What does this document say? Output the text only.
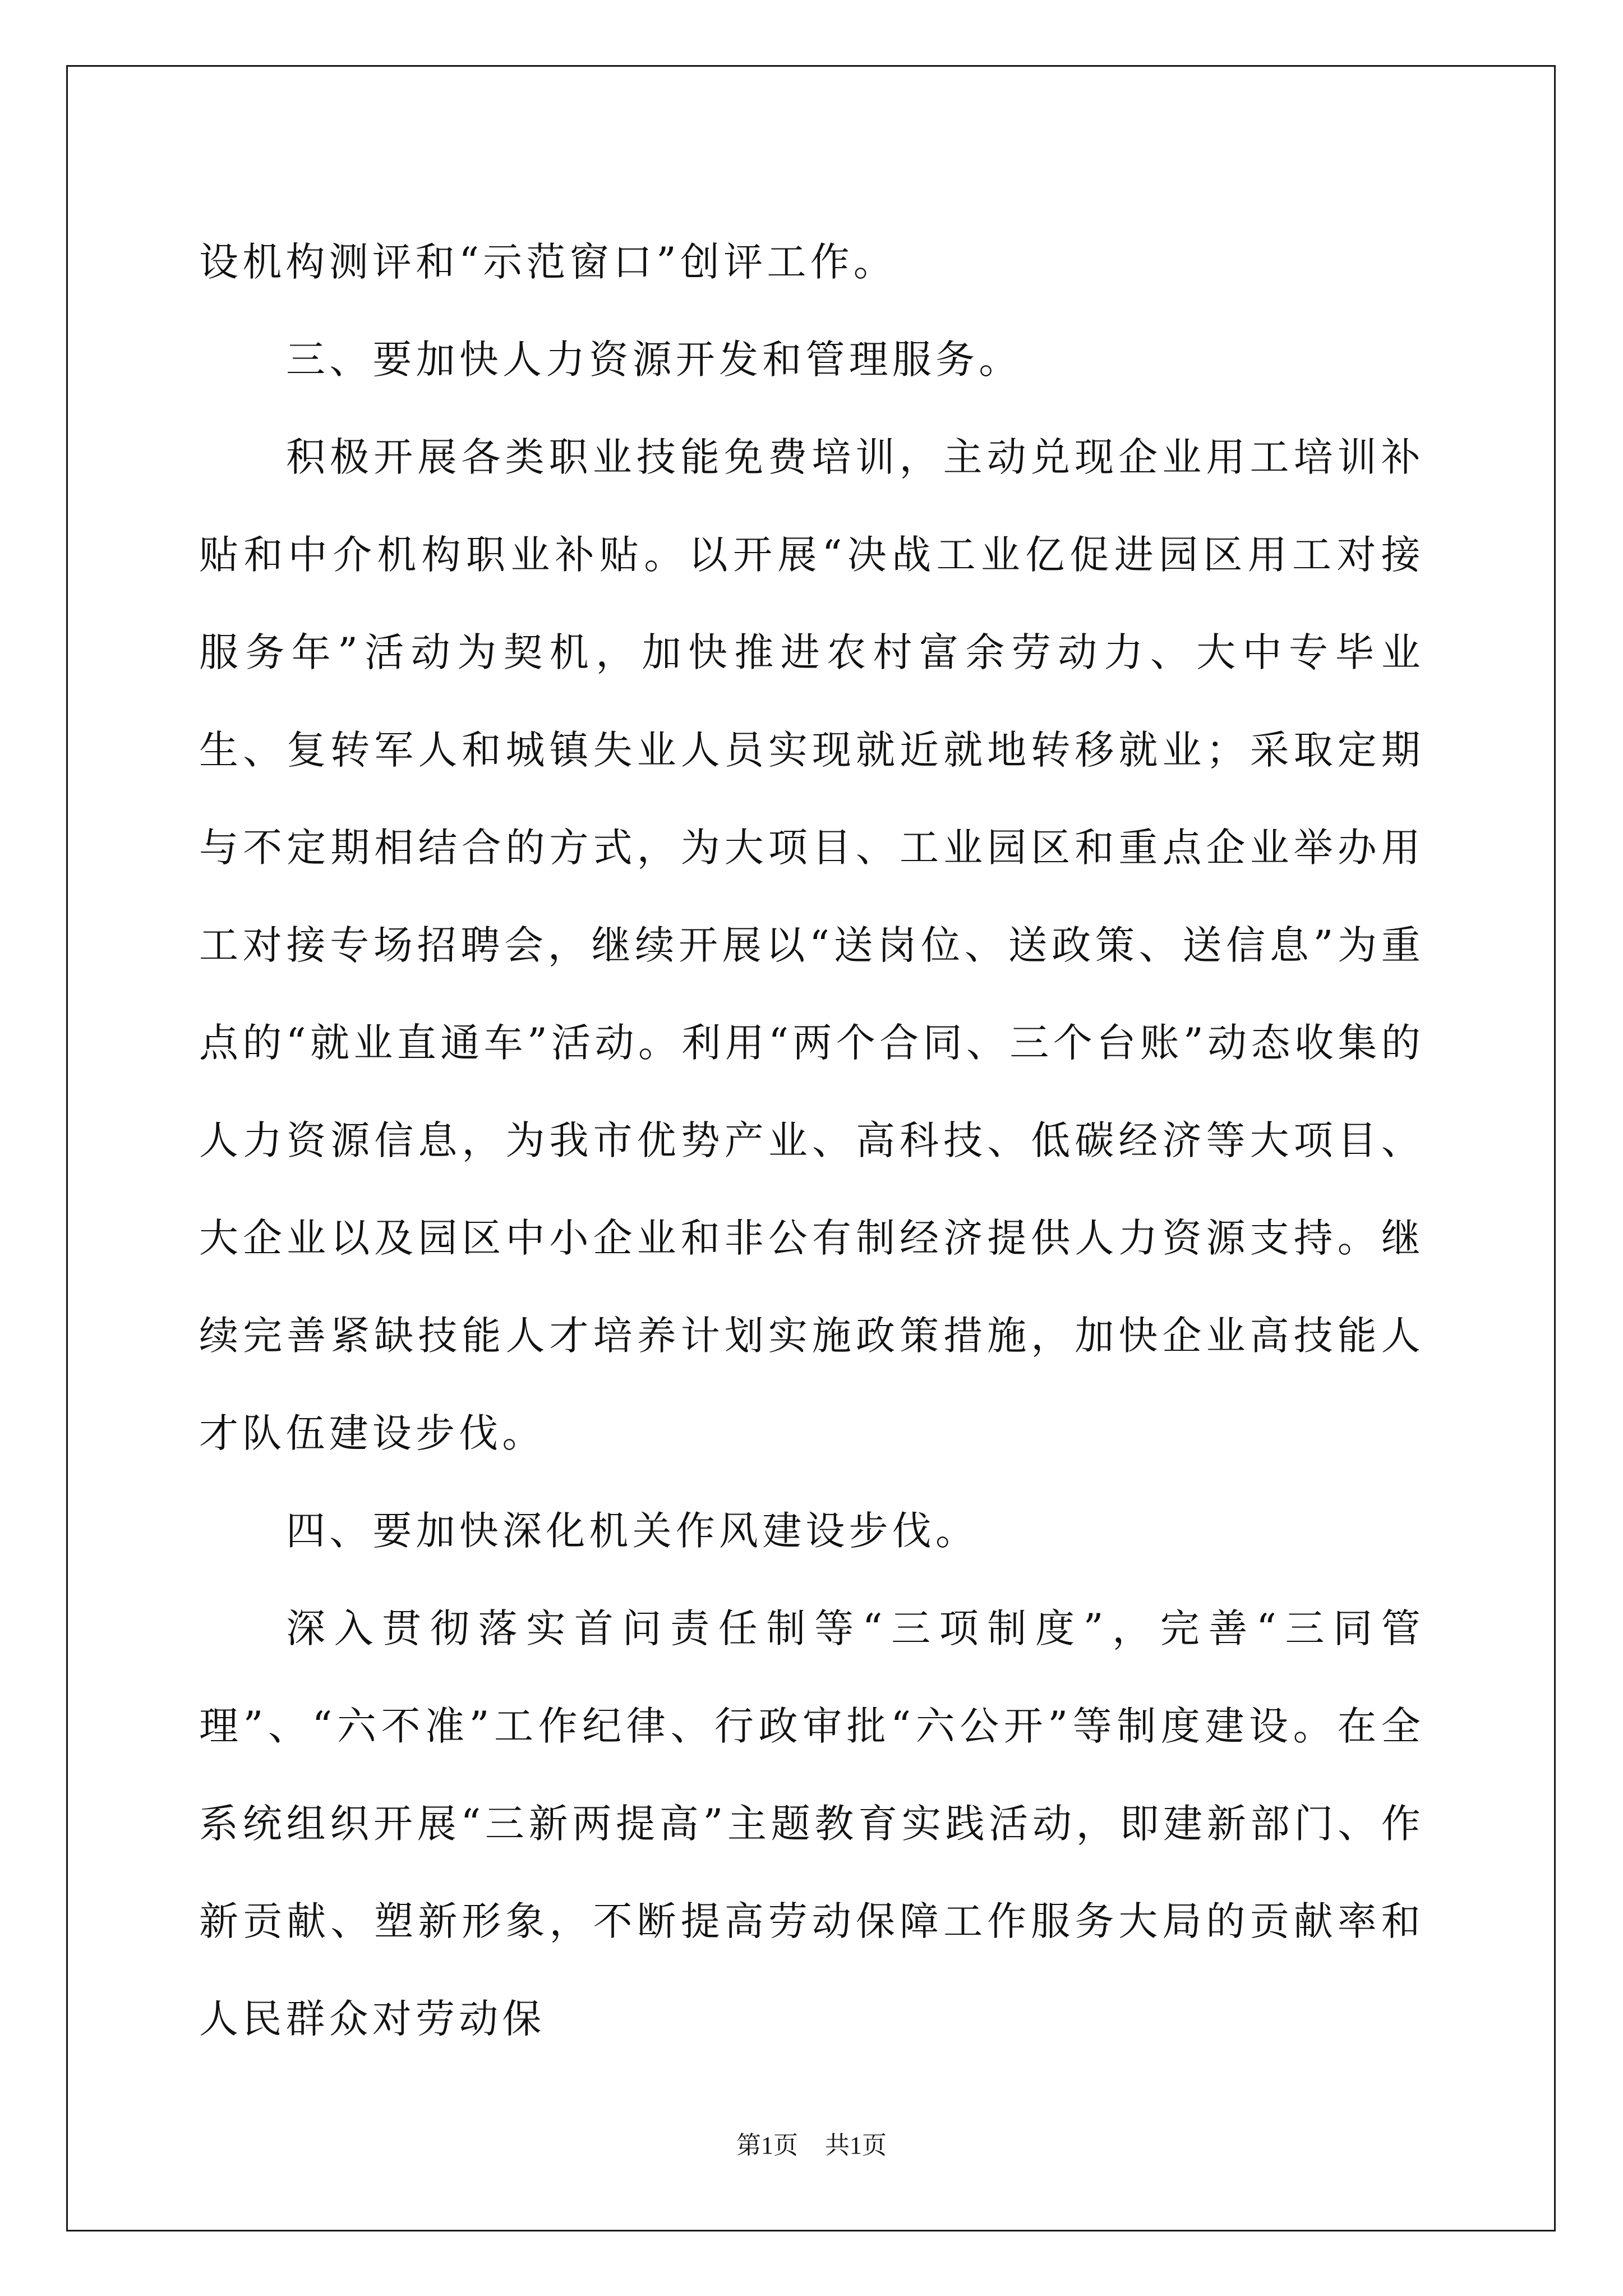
设机构测评和“示范窗口”创评工作。

三、要加快人力资源开发和管理服务。

积极开展各类职业技能免费培训，主动兑现企业用工培训补贴和中介机构职业补贴。以开展“决战工业亿促进园区用工对接服务年”活动为契机，加快推进农村富余劳动力、大中专毕业生、复转军人和城镇失业人员实现就近就地转移就业；采取定期与不定期相结合的方式，为大项目、工业园区和重点企业举办用工对接专场招聘会，继续开展以“送岗位、送政策、送信息”为重点的“就业直通车”活动。利用“两个合同、三个台账”动态收集的人力资源信息，为我市优势产业、高科技、低碳经济等大项目、大企业以及园区中小企业和非公有制经济提供人力资源支持。继续完善紧缺技能人才培养计划实施政策措施，加快企业高技能人才队伍建设步伐。

四、要加快深化机关作风建设步伐。

深入贯彻落实首问责任制等“三项制度”，完善“三同管理”、“六不准”工作纪律、行政审批“六公开”等制度建设。在全系统组织开展“三新两提高”主题教育实践活动，即建新部门、作新贡献、塑新形象，不断提高劳动保障工作服务大局的贡献率和人民群众对劳动保

第1页 共1页
